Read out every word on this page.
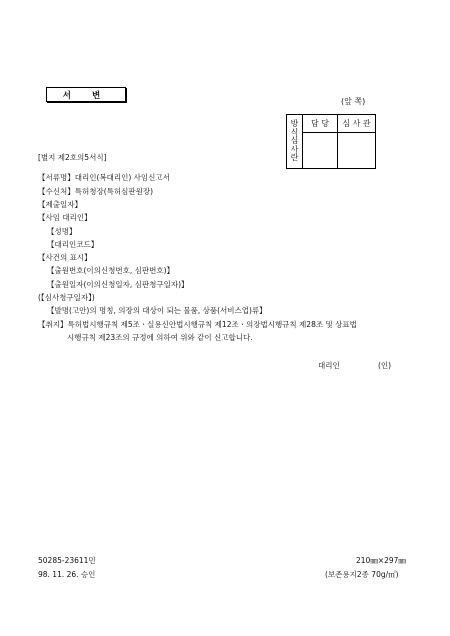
서 변
(앞 쪽)
방
식
심
사
란	담 당	심 사 관

[별지 제2호의5서식]
【서류명】대리인(복대리인) 사임신고서
【수신처】특허청장(특허심판원장)
【제출일자】
【사임 대리인】
【성명】
【대리인코드】
【사건의 표시】
【출원번호(이의신청번호, 심판번호)】
【출원일자(이의신청일자, 심판청구일자)】
(【심사청구일자】)
【발명(고안)의 명칭, 의장의 대상이 되는 물품, 상품(서비스업)류】
【취지】특허법시행규칙 제5조ㆍ실용신안법시행규칙 제12조ㆍ의장법시행규칙 제28조 및 상표법
시행규칙 제23조의 규정에 의하여 위와 같이 신고합니다.
대리인	(인)
50285-23611민
98. 11. 26. 승인
210㎜×297㎜
(보존용지2종 70g/㎡)
